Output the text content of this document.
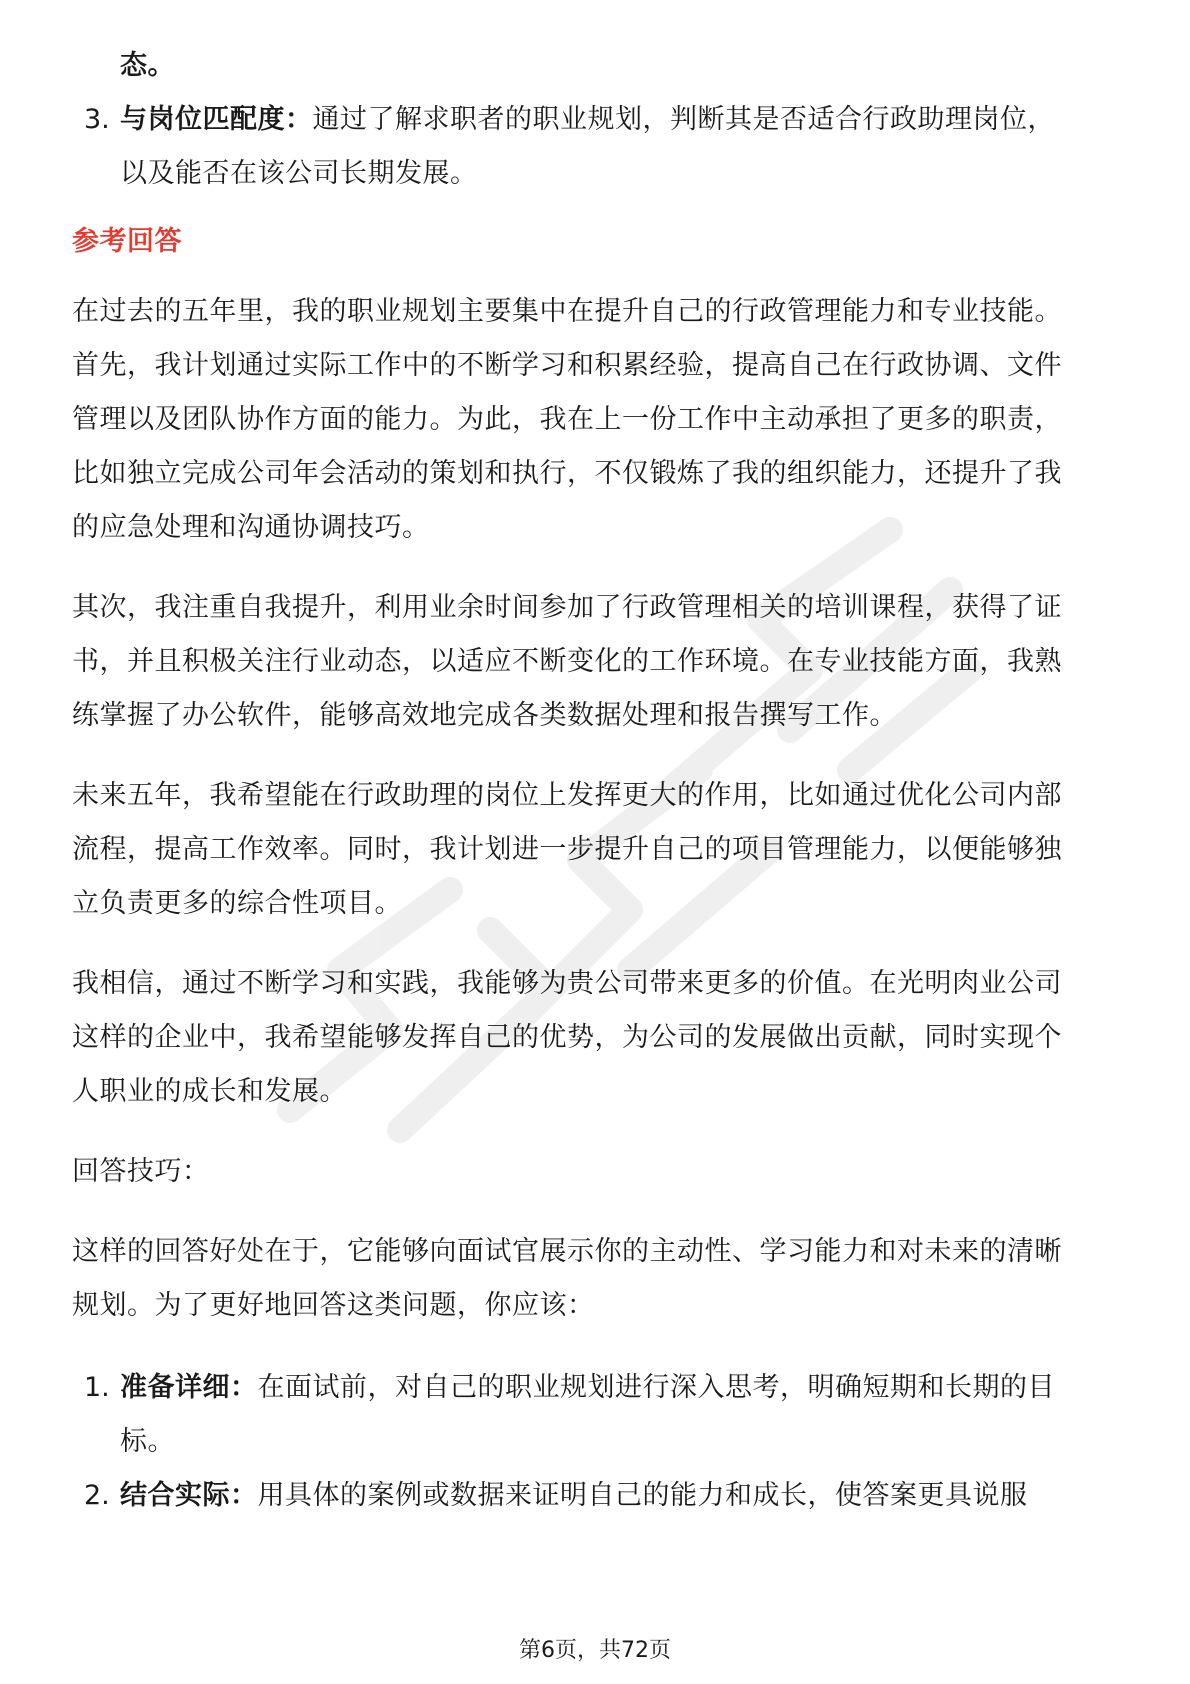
态。
3. 与岗位匹配度：通过了解求职者的职业规划，判断其是否适合行政助理岗位，
以及能否在该公司长期发展。
参考回答
在过去的五年里，我的职业规划主要集中在提升自己的行政管理能力和专业技能。
首先，我计划通过实际工作中的不断学习和积累经验，提高自己在行政协调、文件
管理以及团队协作方面的能力。为此，我在上一份工作中主动承担了更多的职责，
比如独立完成公司年会活动的策划和执行，不仅锻炼了我的组织能力，还提升了我
的应急处理和沟通协调技巧。
其次，我注重自我提升，利用业余时间参加了行政管理相关的培训课程，获得了证
书，并且积极关注行业动态，以适应不断变化的工作环境。在专业技能方面，我熟
练掌握了办公软件，能够高效地完成各类数据处理和报告撰写工作。
未来五年，我希望能在行政助理的岗位上发挥更大的作用，比如通过优化公司内部
流程，提高工作效率。同时，我计划进一步提升自己的项目管理能力，以便能够独
立负责更多的综合性项目。
我相信，通过不断学习和实践，我能够为贵公司带来更多的价值。在光明肉业公司
这样的企业中，我希望能够发挥自己的优势，为公司的发展做出贡献，同时实现个
人职业的成长和发展。
回答技巧：
这样的回答好处在于，它能够向面试官展示你的主动性、学习能力和对未来的清晰
规划。为了更好地回答这类问题，你应该：
1. 准备详细：在面试前，对自己的职业规划进行深入思考，明确短期和长期的目
标。
2. 结合实际：用具体的案例或数据来证明自己的能力和成长，使答案更具说服
第6页，共72页
